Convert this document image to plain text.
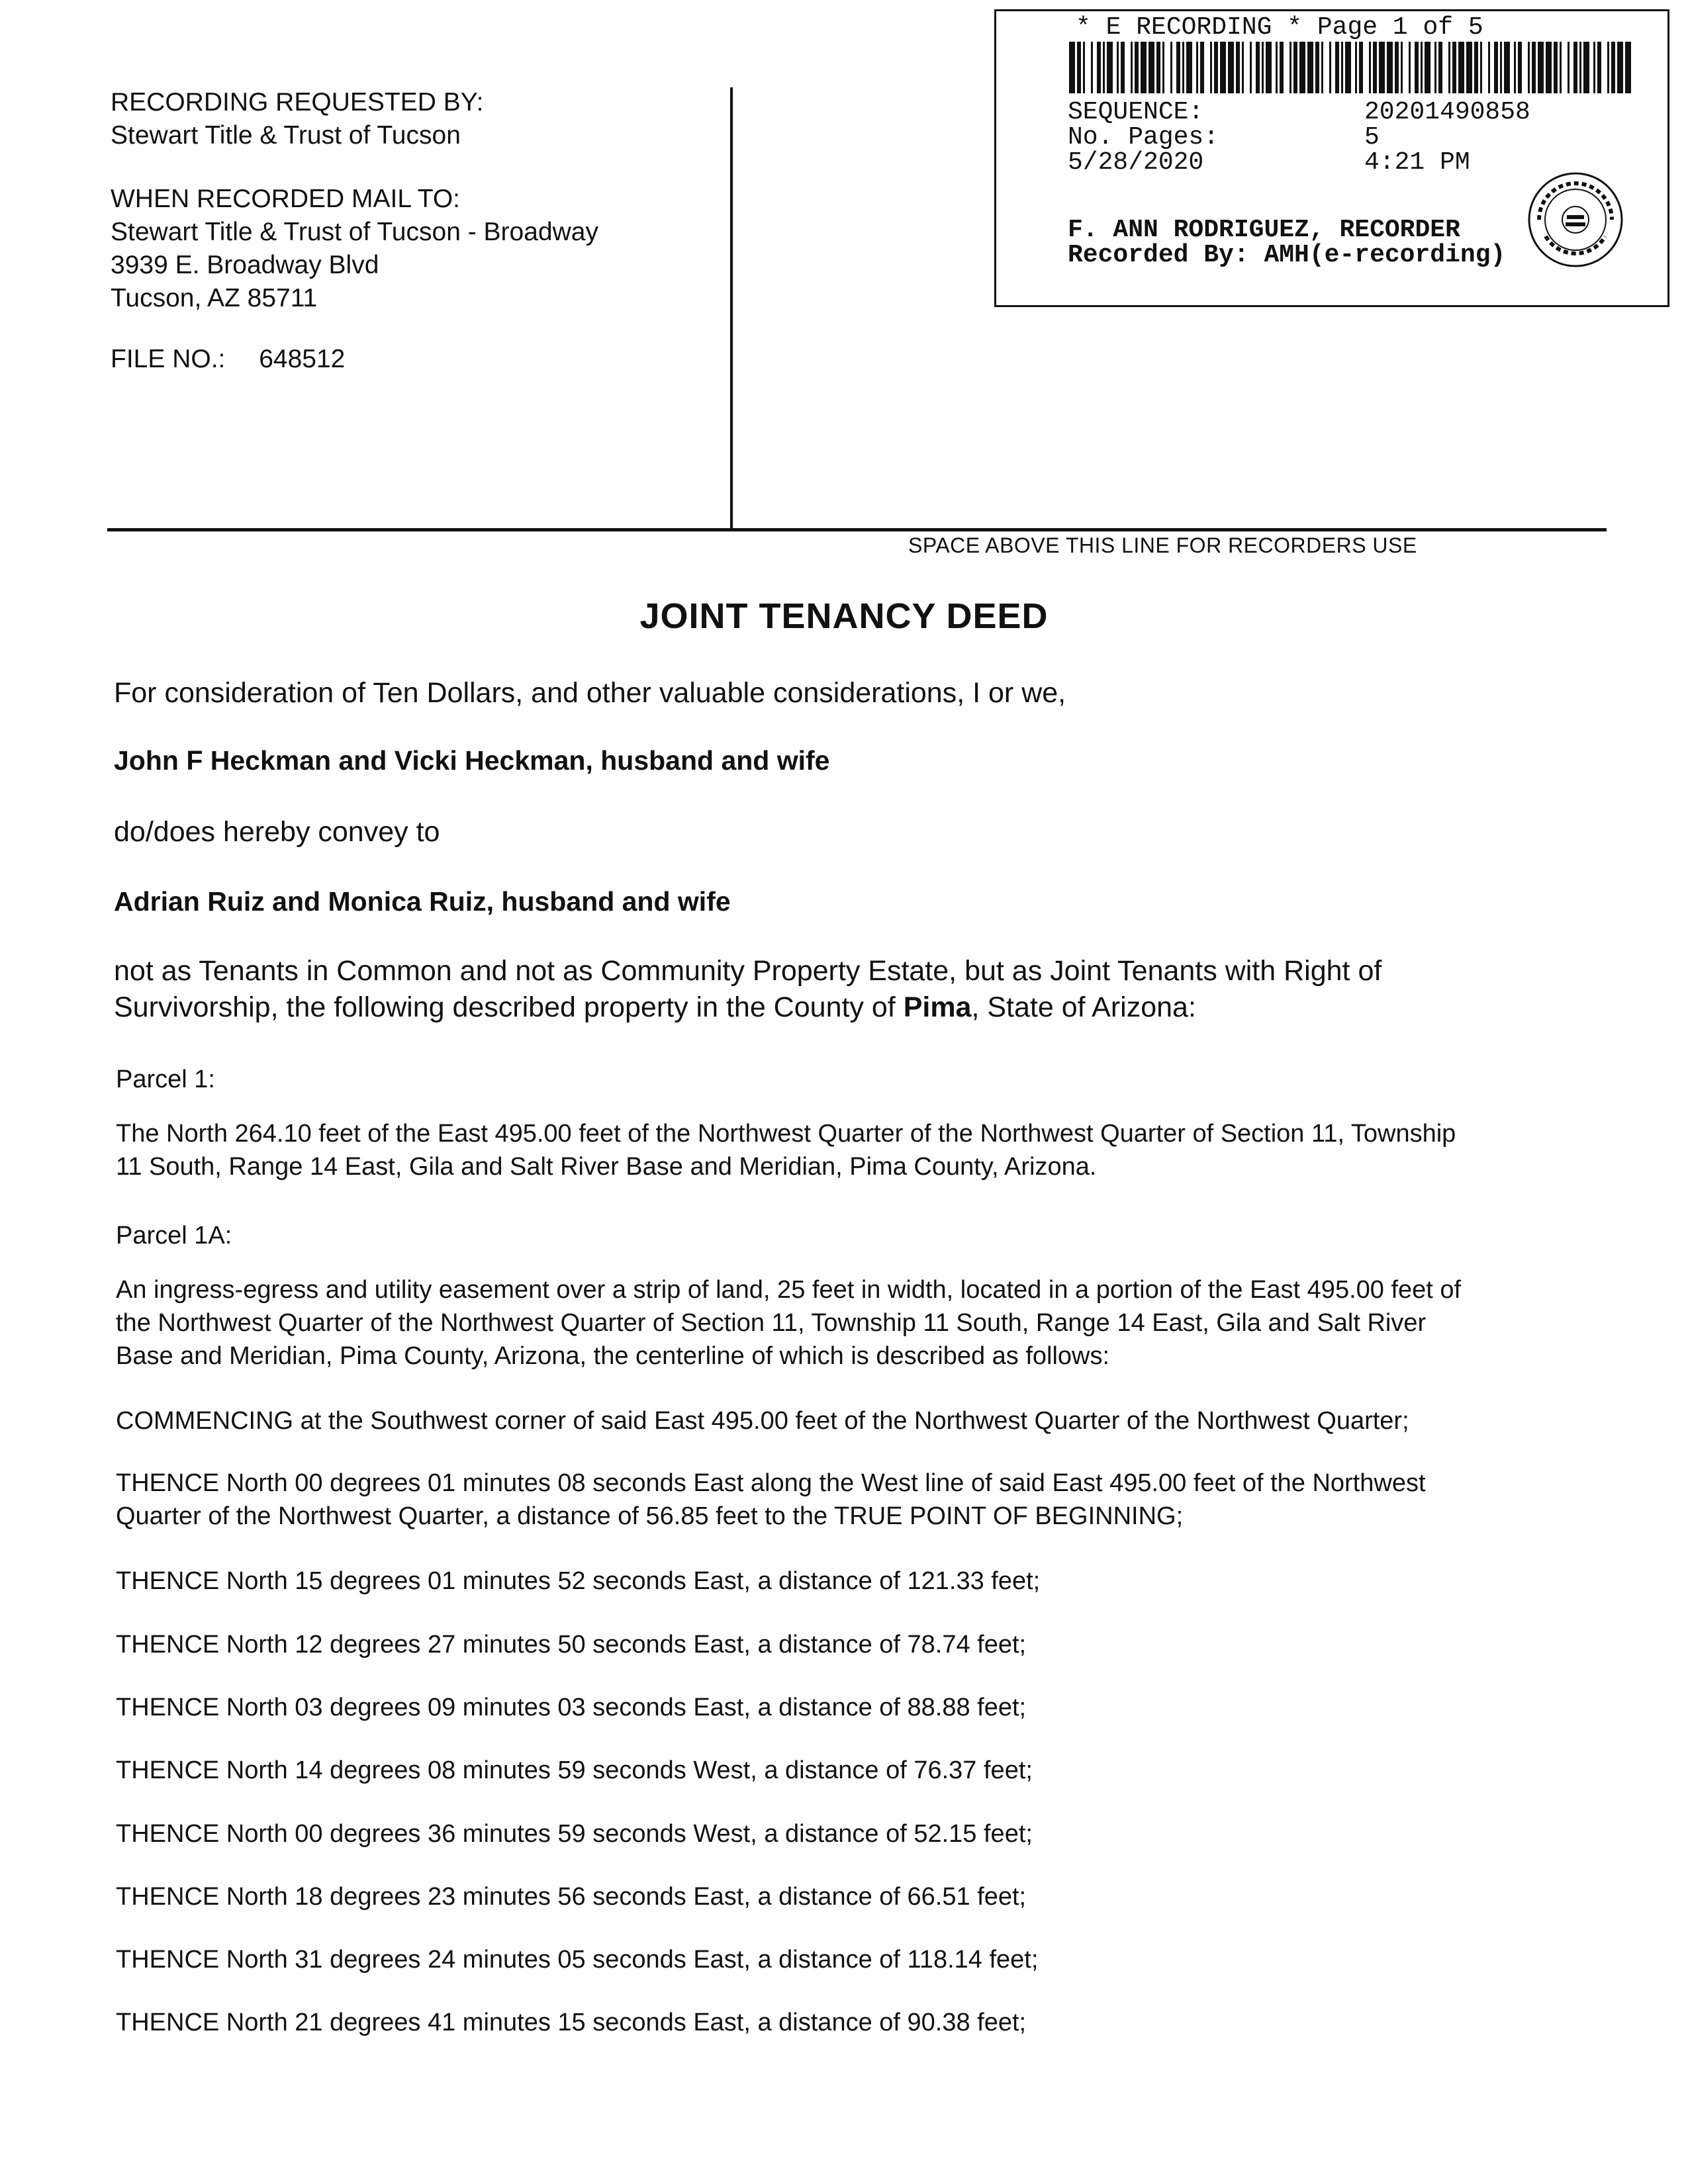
RECORDING REQUESTED BY:
Stewart Title & Trust of Tucson
WHEN RECORDED MAIL TO:
Stewart Title & Trust of Tucson - Broadway
3939 E. Broadway Blvd
Tucson, AZ 85711
FILE NO.: 648512
SPACE ABOVE THIS LINE FOR RECORDERS USE
* E RECORDING * Page 1 of 5
SEQUENCE:	20201490858
No. Pages:	5
5/28/2020	4:21 PM
F. ANN RODRIGUEZ, RECORDER
Recorded By: AMH(e-recording)
JOINT TENANCY DEED
For consideration of Ten Dollars, and other valuable considerations, I or we,
John F Heckman and Vicki Heckman, husband and wife
do/does hereby convey to
Adrian Ruiz and Monica Ruiz, husband and wife
not as Tenants in Common and not as Community Property Estate, but as Joint Tenants with Right of
Survivorship, the following described property in the County of Pima, State of Arizona:
Parcel 1:
The North 264.10 feet of the East 495.00 feet of the Northwest Quarter of the Northwest Quarter of Section 11, Township
11 South, Range 14 East, Gila and Salt River Base and Meridian, Pima County, Arizona.
Parcel 1A:
An ingress-egress and utility easement over a strip of land, 25 feet in width, located in a portion of the East 495.00 feet of
the Northwest Quarter of the Northwest Quarter of Section 11, Township 11 South, Range 14 East, Gila and Salt River
Base and Meridian, Pima County, Arizona, the centerline of which is described as follows:
COMMENCING at the Southwest corner of said East 495.00 feet of the Northwest Quarter of the Northwest Quarter;
THENCE North 00 degrees 01 minutes 08 seconds East along the West line of said East 495.00 feet of the Northwest
Quarter of the Northwest Quarter, a distance of 56.85 feet to the TRUE POINT OF BEGINNING;
THENCE North 15 degrees 01 minutes 52 seconds East, a distance of 121.33 feet;
THENCE North 12 degrees 27 minutes 50 seconds East, a distance of 78.74 feet;
THENCE North 03 degrees 09 minutes 03 seconds East, a distance of 88.88 feet;
THENCE North 14 degrees 08 minutes 59 seconds West, a distance of 76.37 feet;
THENCE North 00 degrees 36 minutes 59 seconds West, a distance of 52.15 feet;
THENCE North 18 degrees 23 minutes 56 seconds East, a distance of 66.51 feet;
THENCE North 31 degrees 24 minutes 05 seconds East, a distance of 118.14 feet;
THENCE North 21 degrees 41 minutes 15 seconds East, a distance of 90.38 feet;
